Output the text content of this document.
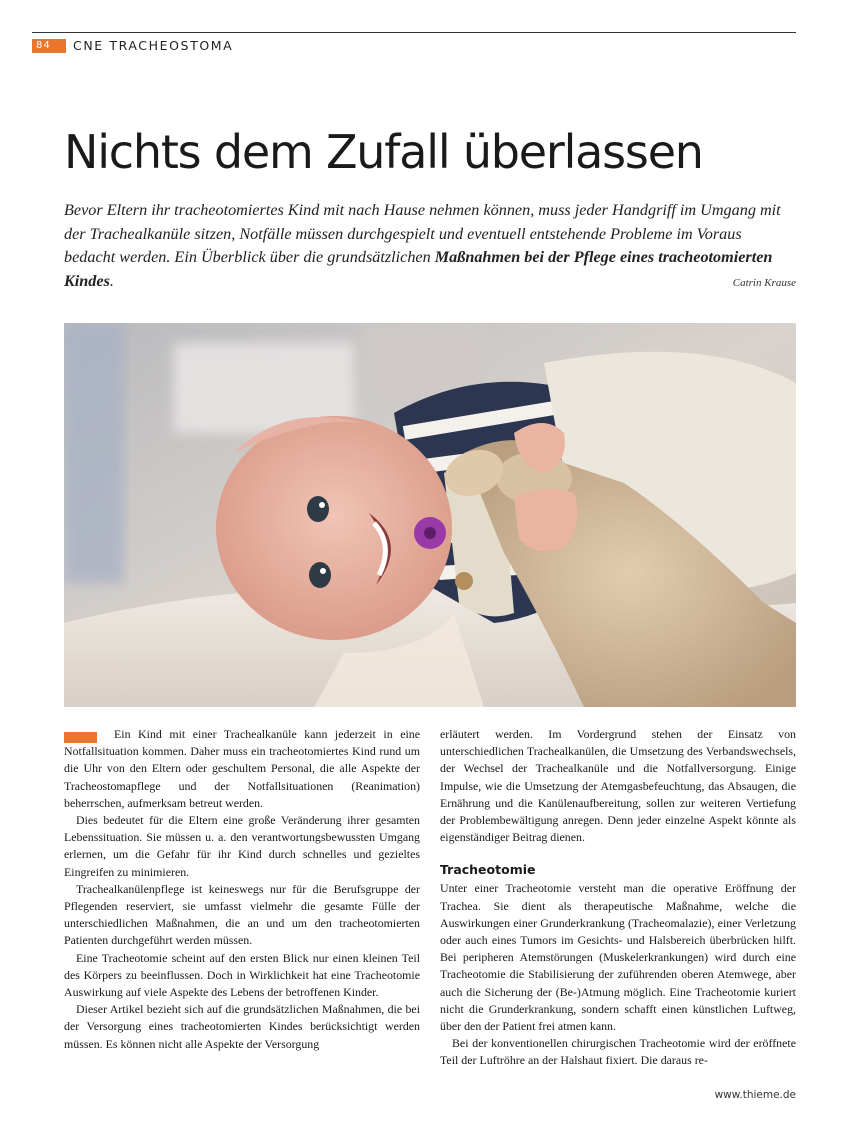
84	CNE TRACHEOSTOMA
Nichts dem Zufall überlassen
Bevor Eltern ihr tracheotomiertes Kind mit nach Hause nehmen können, muss jeder Handgriff im Umgang mit der Trachealkanüle sitzen, Notfälle müssen durchgespielt und eventuell entstehende Probleme im Voraus bedacht werden. Ein Überblick über die grundsätzlichen Maßnahmen bei der Pflege eines tracheotomierten Kindes.	Catrin Krause

Ein Kind mit einer Trachealkanüle kann jederzeit in eine Notfallsituation kommen. Daher muss ein tracheotomiertes Kind rund um die Uhr von den Eltern oder geschultem Personal, die alle Aspekte der Tracheostomapflege und der Notfallsituationen (Reanimation) beherrschen, aufmerksam betreut werden.

Dies bedeutet für die Eltern eine große Veränderung ihrer gesamten Lebenssituation. Sie müssen u. a. den verantwortungsbewussten Umgang erlernen, um die Gefahr für ihr Kind durch schnelles und gezieltes Eingreifen zu minimieren.

Trachealkanülenpflege ist keineswegs nur für die Berufsgruppe der Pflegenden reserviert, sie umfasst vielmehr die gesamte Fülle der unterschiedlichen Maßnahmen, die an und um den tracheotomierten Patienten durchgeführt werden müssen.

Eine Tracheotomie scheint auf den ersten Blick nur einen kleinen Teil des Körpers zu beeinflussen. Doch in Wirklichkeit hat eine Tracheotomie Auswirkung auf viele Aspekte des Lebens der betroffenen Kinder.

Dieser Artikel bezieht sich auf die grundsätzlichen Maßnahmen, die bei der Versorgung eines tracheotomierten Kindes berücksichtigt werden müssen. Es können nicht alle Aspekte der Versorgung

erläutert werden. Im Vordergrund stehen der Einsatz von unterschiedlichen Trachealkanülen, die Umsetzung des Verbandswechsels, der Wechsel der Trachealkanüle und die Notfallversorgung. Einige Impulse, wie die Umsetzung der Atemgasbefeuchtung, das Absaugen, die Ernährung und die Kanülenaufbereitung, sollen zur weiteren Vertiefung der Problembewältigung anregen. Denn jeder einzelne Aspekt könnte als eigenständiger Beitrag dienen.

Tracheotomie

Unter einer Tracheotomie versteht man die operative Eröffnung der Trachea. Sie dient als therapeutische Maßnahme, welche die Auswirkungen einer Grunderkrankung (Tracheomalazie), einer Verletzung oder auch eines Tumors im Gesichts- und Halsbereich überbrücken hilft. Bei peripheren Atemstörungen (Muskelerkrankungen) wird durch eine Tracheotomie die Stabilisierung der zuführenden oberen Atemwege, aber auch die Sicherung der (Be-)Atmung möglich. Eine Tracheotomie kuriert nicht die Grunderkrankung, sondern schafft einen künstlichen Luftweg, über den der Patient frei atmen kann.

Bei der konventionellen chirurgischen Tracheotomie wird der eröffnete Teil der Luftröhre an der Halshaut fixiert. Die daraus re-

www.thieme.de
